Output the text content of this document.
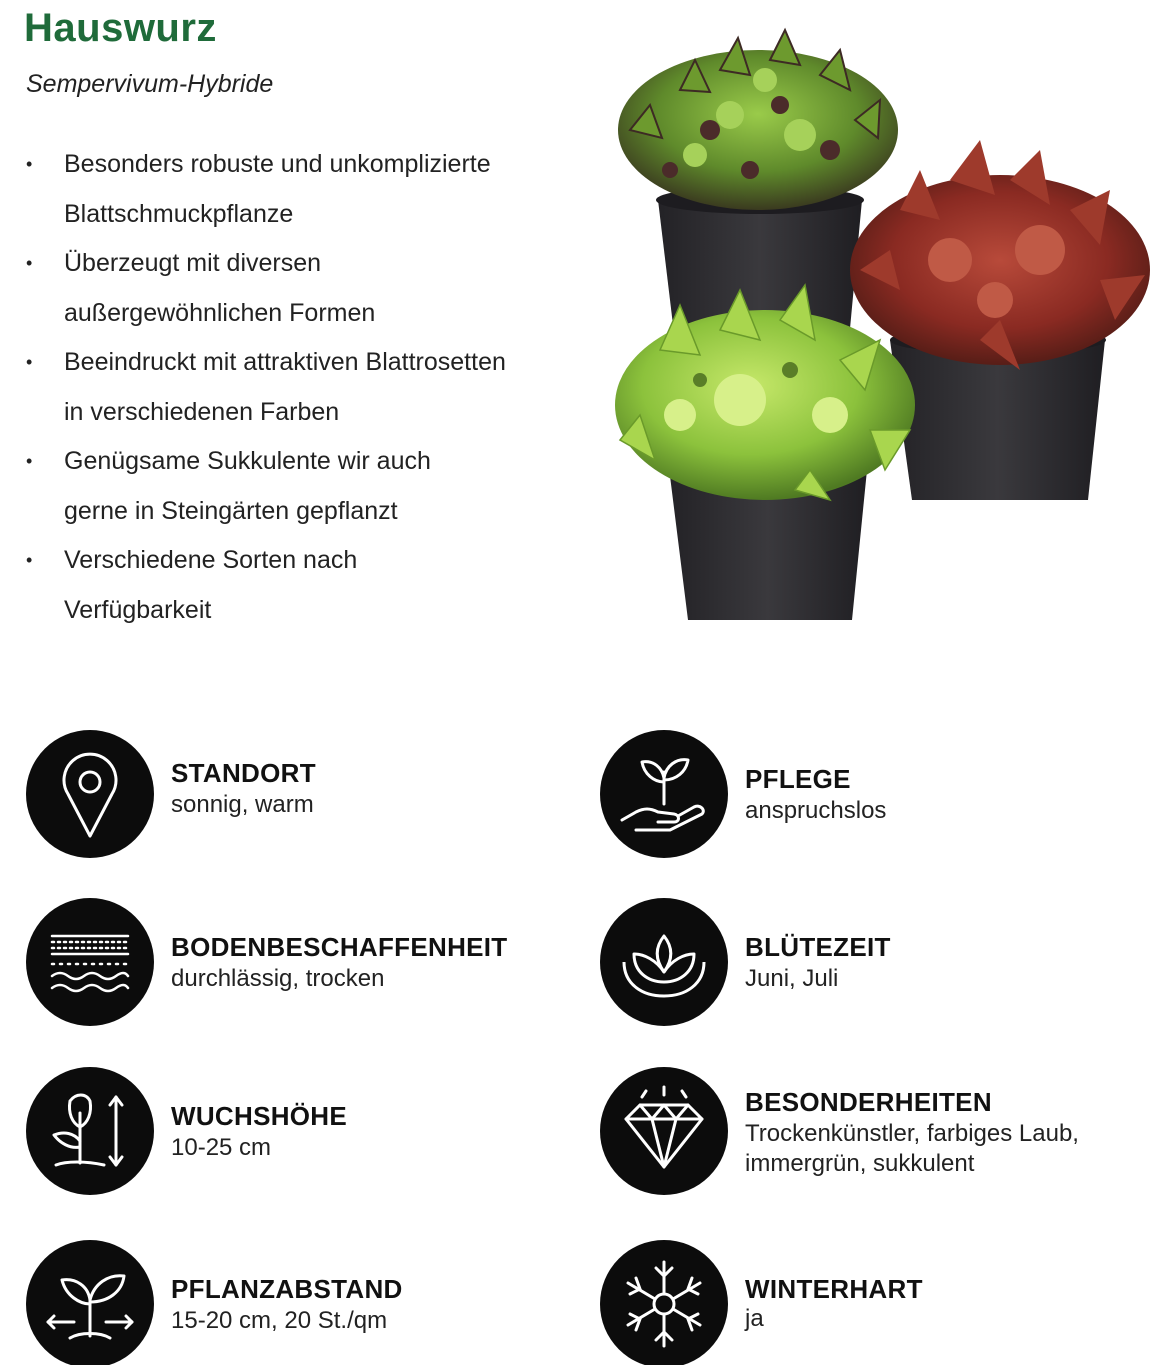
Hauswurz
Sempervivum-Hybride
• Besonders robuste und unkomplizierte
Blattschmuckpflanze
• Überzeugt mit diversen
außergewöhnlichen Formen
• Beeindruckt mit attraktiven Blattrosetten
in verschiedenen Farben
• Genügsame Sukkulente wir auch
gerne in Steingärten gepflanzt
• Verschiedene Sorten nach
Verfügbarkeit
STANDORT
sonnig, warm
PFLEGE
anspruchslos
BODENBESCHAFFENHEIT
durchlässig, trocken
BLÜTEZEIT
Juni, Juli
WUCHSHÖHE
10-25 cm
BESONDERHEITEN
Trockenkünstler, farbiges Laub,
immergrün, sukkulent
PFLANZABSTAND
15-20 cm, 20 St./qm
WINTERHART
ja
